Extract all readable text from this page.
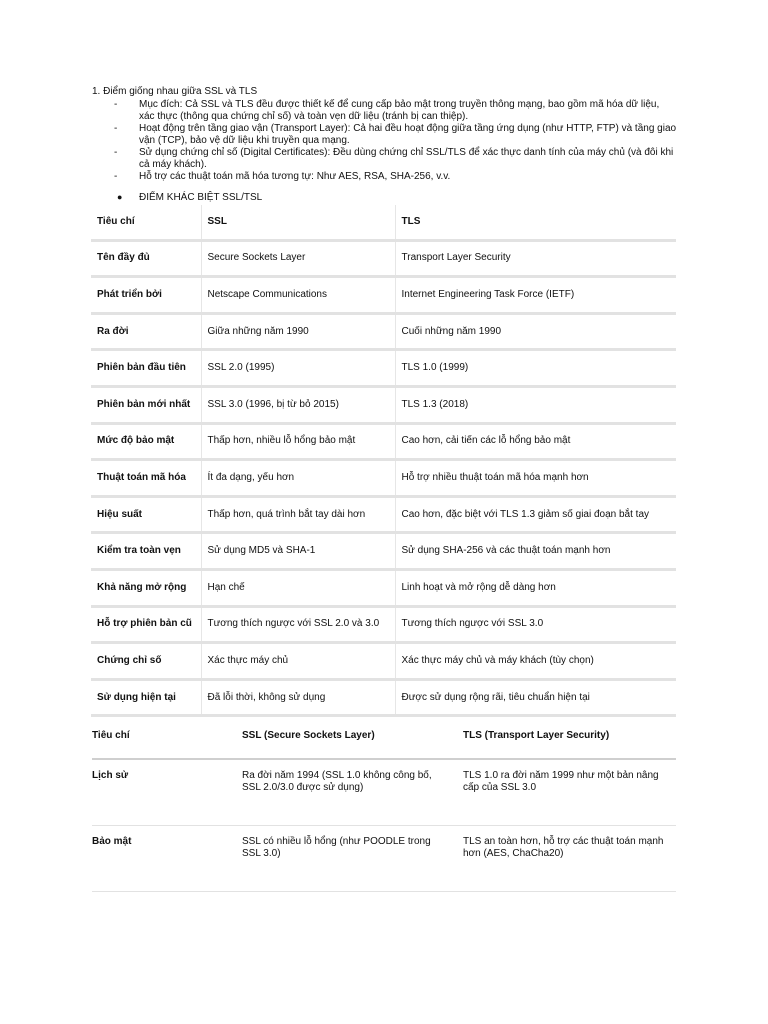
1. Điểm giống nhau giữa SSL và TLS
- Mục đích: Cả SSL và TLS đều được thiết kế để cung cấp bảo mật trong truyền thông mạng, bao gồm mã hóa dữ liệu, xác thực (thông qua chứng chỉ số) và toàn vẹn dữ liệu (tránh bị can thiệp).
- Hoạt động trên tầng giao vận (Transport Layer): Cả hai đều hoạt động giữa tầng ứng dụng (như HTTP, FTP) và tầng giao vận (TCP), bảo vệ dữ liệu khi truyền qua mạng.
- Sử dụng chứng chỉ số (Digital Certificates): Đều dùng chứng chỉ SSL/TLS để xác thực danh tính của máy chủ (và đôi khi cả máy khách).
- Hỗ trợ các thuật toán mã hóa tương tự: Như AES, RSA, SHA-256, v.v.
● ĐIỂM KHÁC BIỆT SSL/TSL
Tiêu chí	SSL	TLS
Tên đầy đủ	Secure Sockets Layer	Transport Layer Security
Phát triển bởi	Netscape Communications	Internet Engineering Task Force (IETF)
Ra đời	Giữa những năm 1990	Cuối những năm 1990
Phiên bản đầu tiên	SSL 2.0 (1995)	TLS 1.0 (1999)
Phiên bản mới nhất	SSL 3.0 (1996, bị từ bỏ 2015)	TLS 1.3 (2018)
Mức độ bảo mật	Thấp hơn, nhiều lỗ hổng bảo mật	Cao hơn, cải tiến các lỗ hổng bảo mật
Thuật toán mã hóa	Ít đa dạng, yếu hơn	Hỗ trợ nhiều thuật toán mã hóa mạnh hơn
Hiệu suất	Thấp hơn, quá trình bắt tay dài hơn	Cao hơn, đặc biệt với TLS 1.3 giảm số giai đoạn bắt tay
Kiểm tra toàn vẹn	Sử dụng MD5 và SHA-1	Sử dụng SHA-256 và các thuật toán mạnh hơn
Khả năng mở rộng	Hạn chế	Linh hoạt và mở rộng dễ dàng hơn
Hỗ trợ phiên bản cũ	Tương thích ngược với SSL 2.0 và 3.0	Tương thích ngược với SSL 3.0
Chứng chỉ số	Xác thực máy chủ	Xác thực máy chủ và máy khách (tùy chọn)
Sử dụng hiện tại	Đã lỗi thời, không sử dụng	Được sử dụng rộng rãi, tiêu chuẩn hiện tại
Tiêu chí	SSL (Secure Sockets Layer)	TLS (Transport Layer Security)
Lịch sử	Ra đời năm 1994 (SSL 1.0 không công bố, SSL 2.0/3.0 được sử dụng)	TLS 1.0 ra đời năm 1999 như một bản nâng cấp của SSL 3.0
Bảo mật	SSL có nhiều lỗ hổng (như POODLE trong SSL 3.0)	TLS an toàn hơn, hỗ trợ các thuật toán mạnh hơn (AES, ChaCha20)
